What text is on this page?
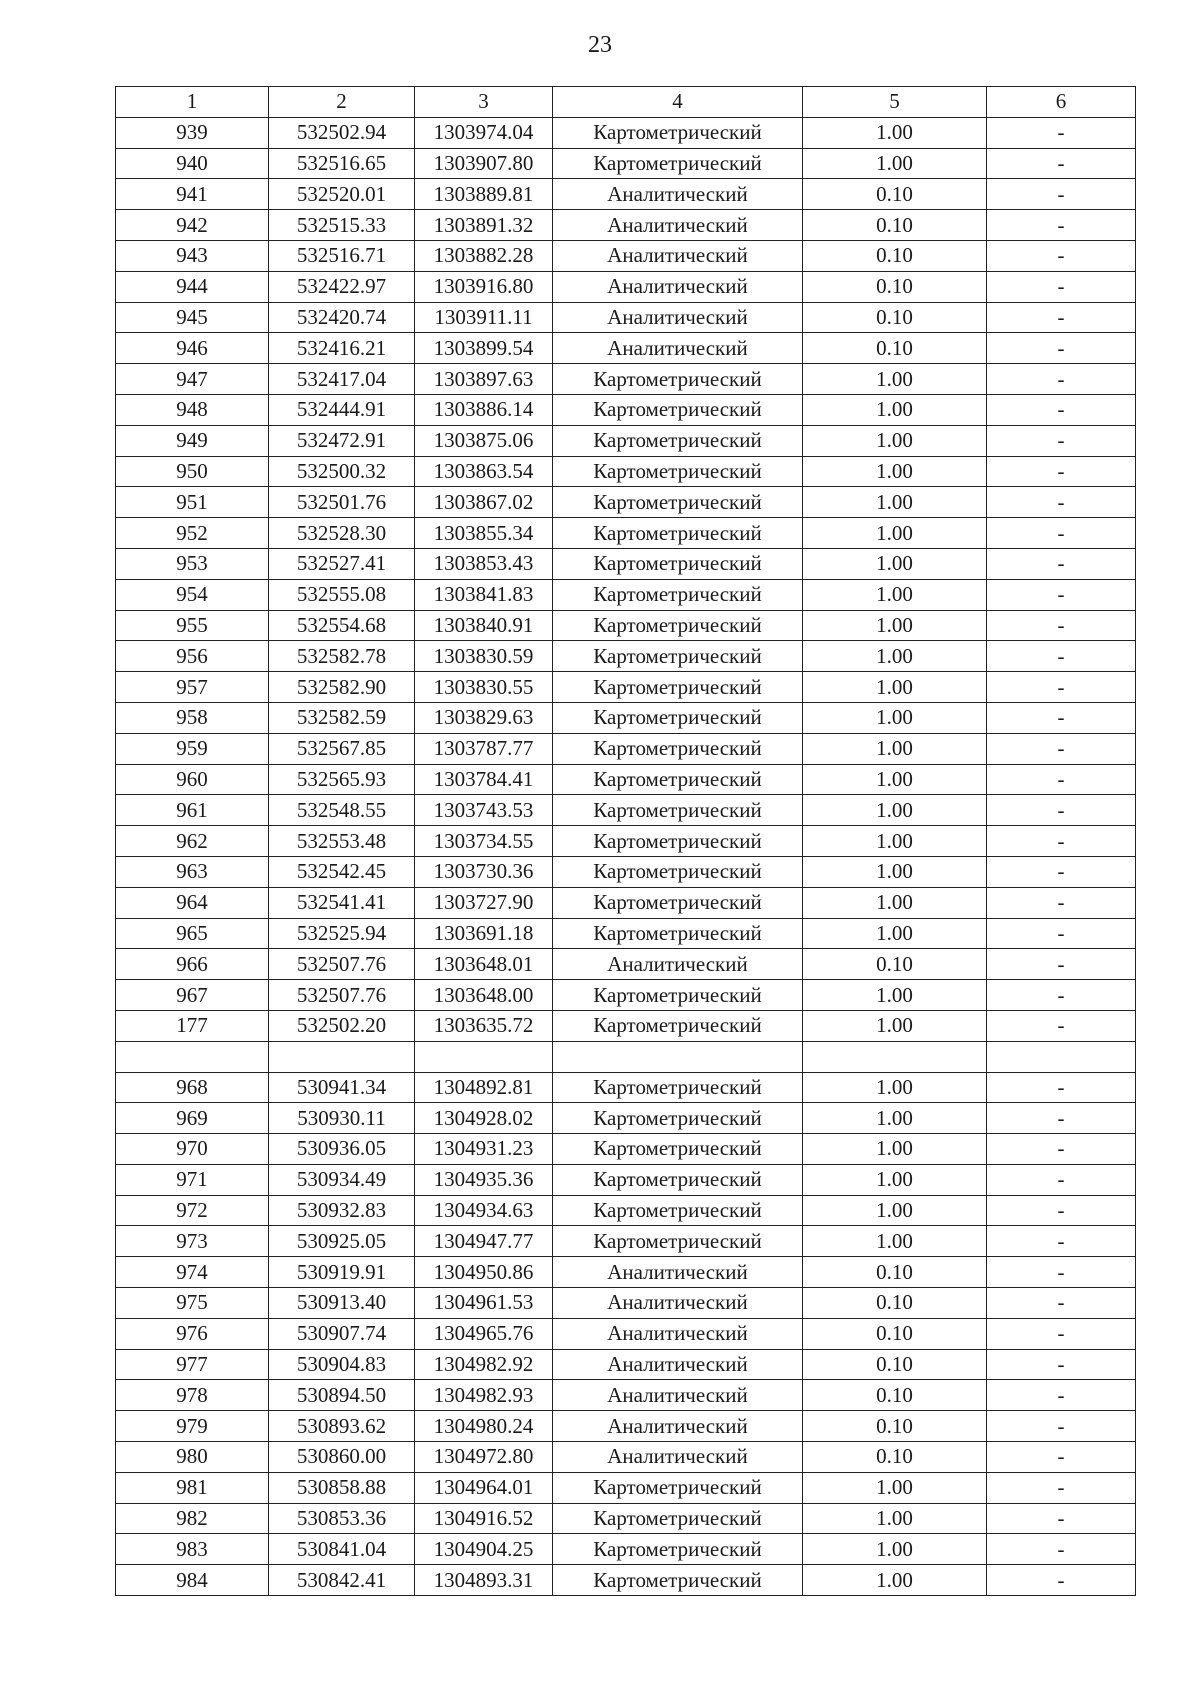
23
1	2	3	4	5	6
939	532502.94	1303974.04	Картометрический	1.00	-
940	532516.65	1303907.80	Картометрический	1.00	-
941	532520.01	1303889.81	Аналитический	0.10	-
942	532515.33	1303891.32	Аналитический	0.10	-
943	532516.71	1303882.28	Аналитический	0.10	-
944	532422.97	1303916.80	Аналитический	0.10	-
945	532420.74	1303911.11	Аналитический	0.10	-
946	532416.21	1303899.54	Аналитический	0.10	-
947	532417.04	1303897.63	Картометрический	1.00	-
948	532444.91	1303886.14	Картометрический	1.00	-
949	532472.91	1303875.06	Картометрический	1.00	-
950	532500.32	1303863.54	Картометрический	1.00	-
951	532501.76	1303867.02	Картометрический	1.00	-
952	532528.30	1303855.34	Картометрический	1.00	-
953	532527.41	1303853.43	Картометрический	1.00	-
954	532555.08	1303841.83	Картометрический	1.00	-
955	532554.68	1303840.91	Картометрический	1.00	-
956	532582.78	1303830.59	Картометрический	1.00	-
957	532582.90	1303830.55	Картометрический	1.00	-
958	532582.59	1303829.63	Картометрический	1.00	-
959	532567.85	1303787.77	Картометрический	1.00	-
960	532565.93	1303784.41	Картометрический	1.00	-
961	532548.55	1303743.53	Картометрический	1.00	-
962	532553.48	1303734.55	Картометрический	1.00	-
963	532542.45	1303730.36	Картометрический	1.00	-
964	532541.41	1303727.90	Картометрический	1.00	-
965	532525.94	1303691.18	Картометрический	1.00	-
966	532507.76	1303648.01	Аналитический	0.10	-
967	532507.76	1303648.00	Картометрический	1.00	-
177	532502.20	1303635.72	Картометрический	1.00	-

968	530941.34	1304892.81	Картометрический	1.00	-
969	530930.11	1304928.02	Картометрический	1.00	-
970	530936.05	1304931.23	Картометрический	1.00	-
971	530934.49	1304935.36	Картометрический	1.00	-
972	530932.83	1304934.63	Картометрический	1.00	-
973	530925.05	1304947.77	Картометрический	1.00	-
974	530919.91	1304950.86	Аналитический	0.10	-
975	530913.40	1304961.53	Аналитический	0.10	-
976	530907.74	1304965.76	Аналитический	0.10	-
977	530904.83	1304982.92	Аналитический	0.10	-
978	530894.50	1304982.93	Аналитический	0.10	-
979	530893.62	1304980.24	Аналитический	0.10	-
980	530860.00	1304972.80	Аналитический	0.10	-
981	530858.88	1304964.01	Картометрический	1.00	-
982	530853.36	1304916.52	Картометрический	1.00	-
983	530841.04	1304904.25	Картометрический	1.00	-
984	530842.41	1304893.31	Картометрический	1.00	-
